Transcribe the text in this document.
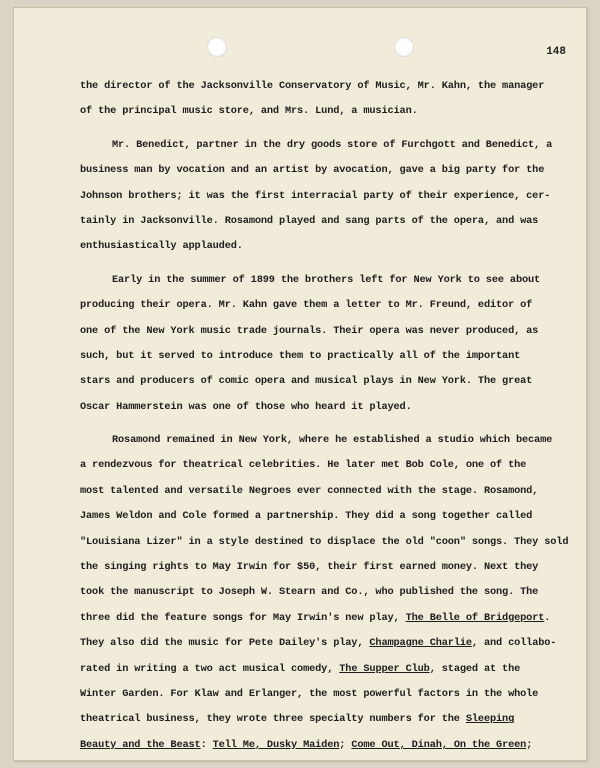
148
the director of the Jacksonville Conservatory of Music, Mr. Kahn, the manager
of the principal music store, and Mrs. Lund, a musician.
Mr. Benedict, partner in the dry goods store of Furchgott and Benedict, a
business man by vocation and an artist by avocation, gave a big party for the
Johnson brothers; it was the first interracial party of their experience, cer-
tainly in Jacksonville. Rosamond played and sang parts of the opera, and was
enthusiastically applauded.
Early in the summer of 1899 the brothers left for New York to see about
producing their opera. Mr. Kahn gave them a letter to Mr. Freund, editor of
one of the New York music trade journals. Their opera was never produced, as
such, but it served to introduce them to practically all of the important
stars and producers of comic opera and musical plays in New York. The great
Oscar Hammerstein was one of those who heard it played.
Rosamond remained in New York, where he established a studio which became
a rendezvous for theatrical celebrities. He later met Bob Cole, one of the
most talented and versatile Negroes ever connected with the stage. Rosamond,
James Weldon and Cole formed a partnership. They did a song together called
"Louisiana Lizer" in a style destined to displace the old "coon" songs. They sold
the singing rights to May Irwin for $50, their first earned money. Next they
took the manuscript to Joseph W. Stearn and Co., who published the song. The
three did the feature songs for May Irwin's new play, The Belle of Bridgeport.
They also did the music for Pete Dailey's play, Champagne Charlie, and collabo-
rated in writing a two act musical comedy, The Supper Club, staged at the
Winter Garden. For Klaw and Erlanger, the most powerful factors in the whole
theatrical business, they wrote three specialty numbers for the Sleeping
Beauty and the Beast: Tell Me, Dusky Maiden; Come Out, Dinah, On the Green;
